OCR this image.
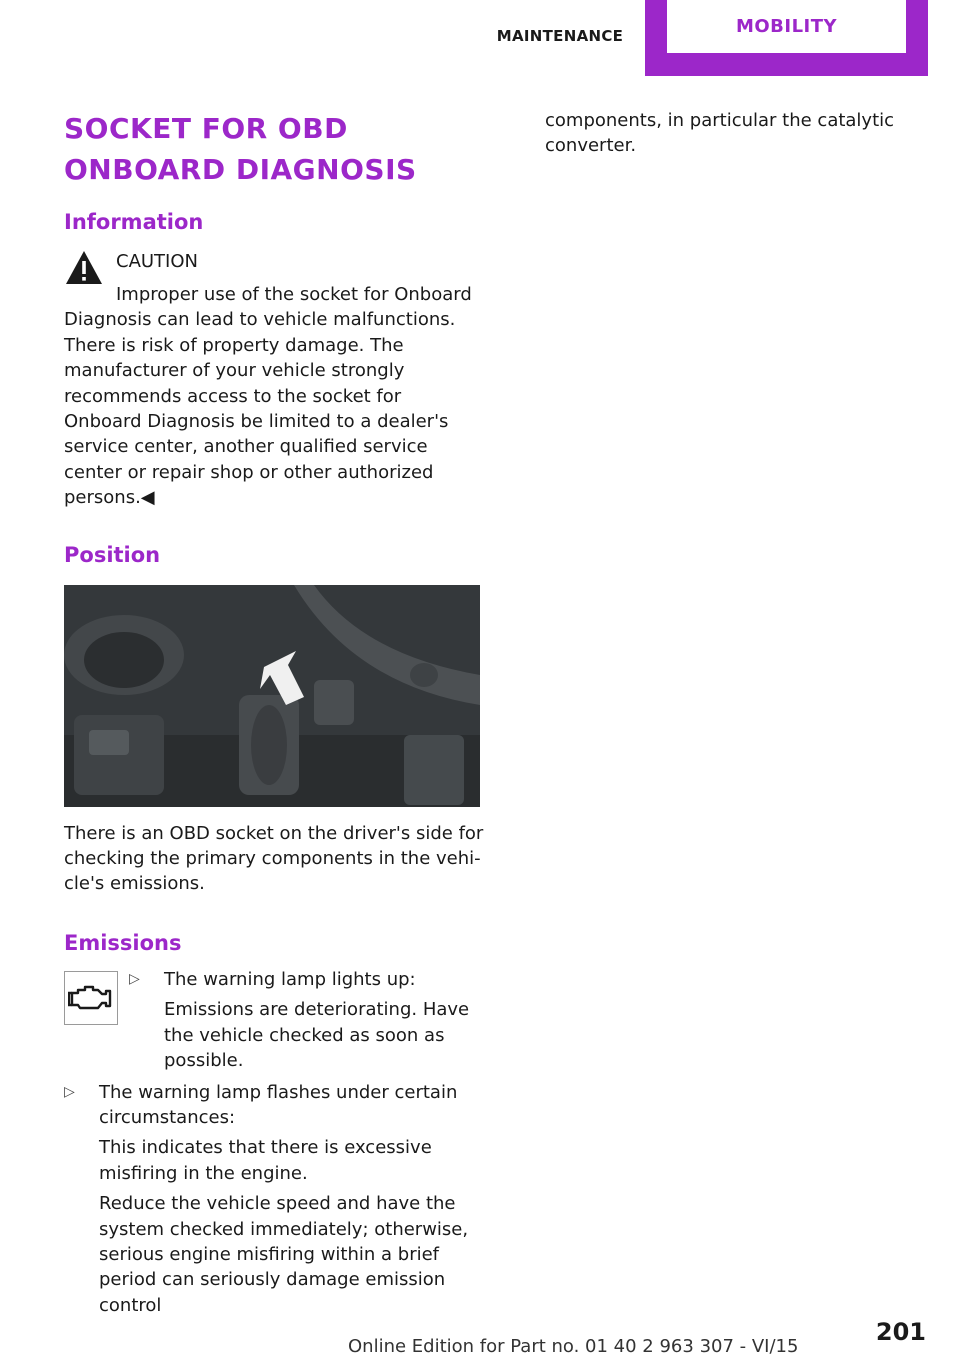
MAINTENANCE	MOBILITY
SOCKET FOR OBD ONBOARD DIAGNOSIS
Information
CAUTION

Improper use of the socket for Onboard

Diagnosis can lead to vehicle malfunctions. There is risk of property damage. The manufacturer of your vehicle strongly recommends access to the socket for Onboard Diagnosis be limited to a dealer's service center, another qualified service center or repair shop or other authorized persons.◀

Position

There is an OBD socket on the driver's side for checking the primary components in the vehicle's emissions.

Emissions
▷ The warning lamp lights up:

Emissions are deteriorating. Have the vehicle checked as soon as possible.

▷ The warning lamp flashes under certain circumstances:

This indicates that there is excessive misfiring in the engine.

Reduce the vehicle speed and have the system checked immediately; otherwise, serious engine misfiring within a brief period can seriously damage emission control

components, in particular the catalytic converter.

Online Edition for Part no. 01 40 2 963 307 - VI/15
201
